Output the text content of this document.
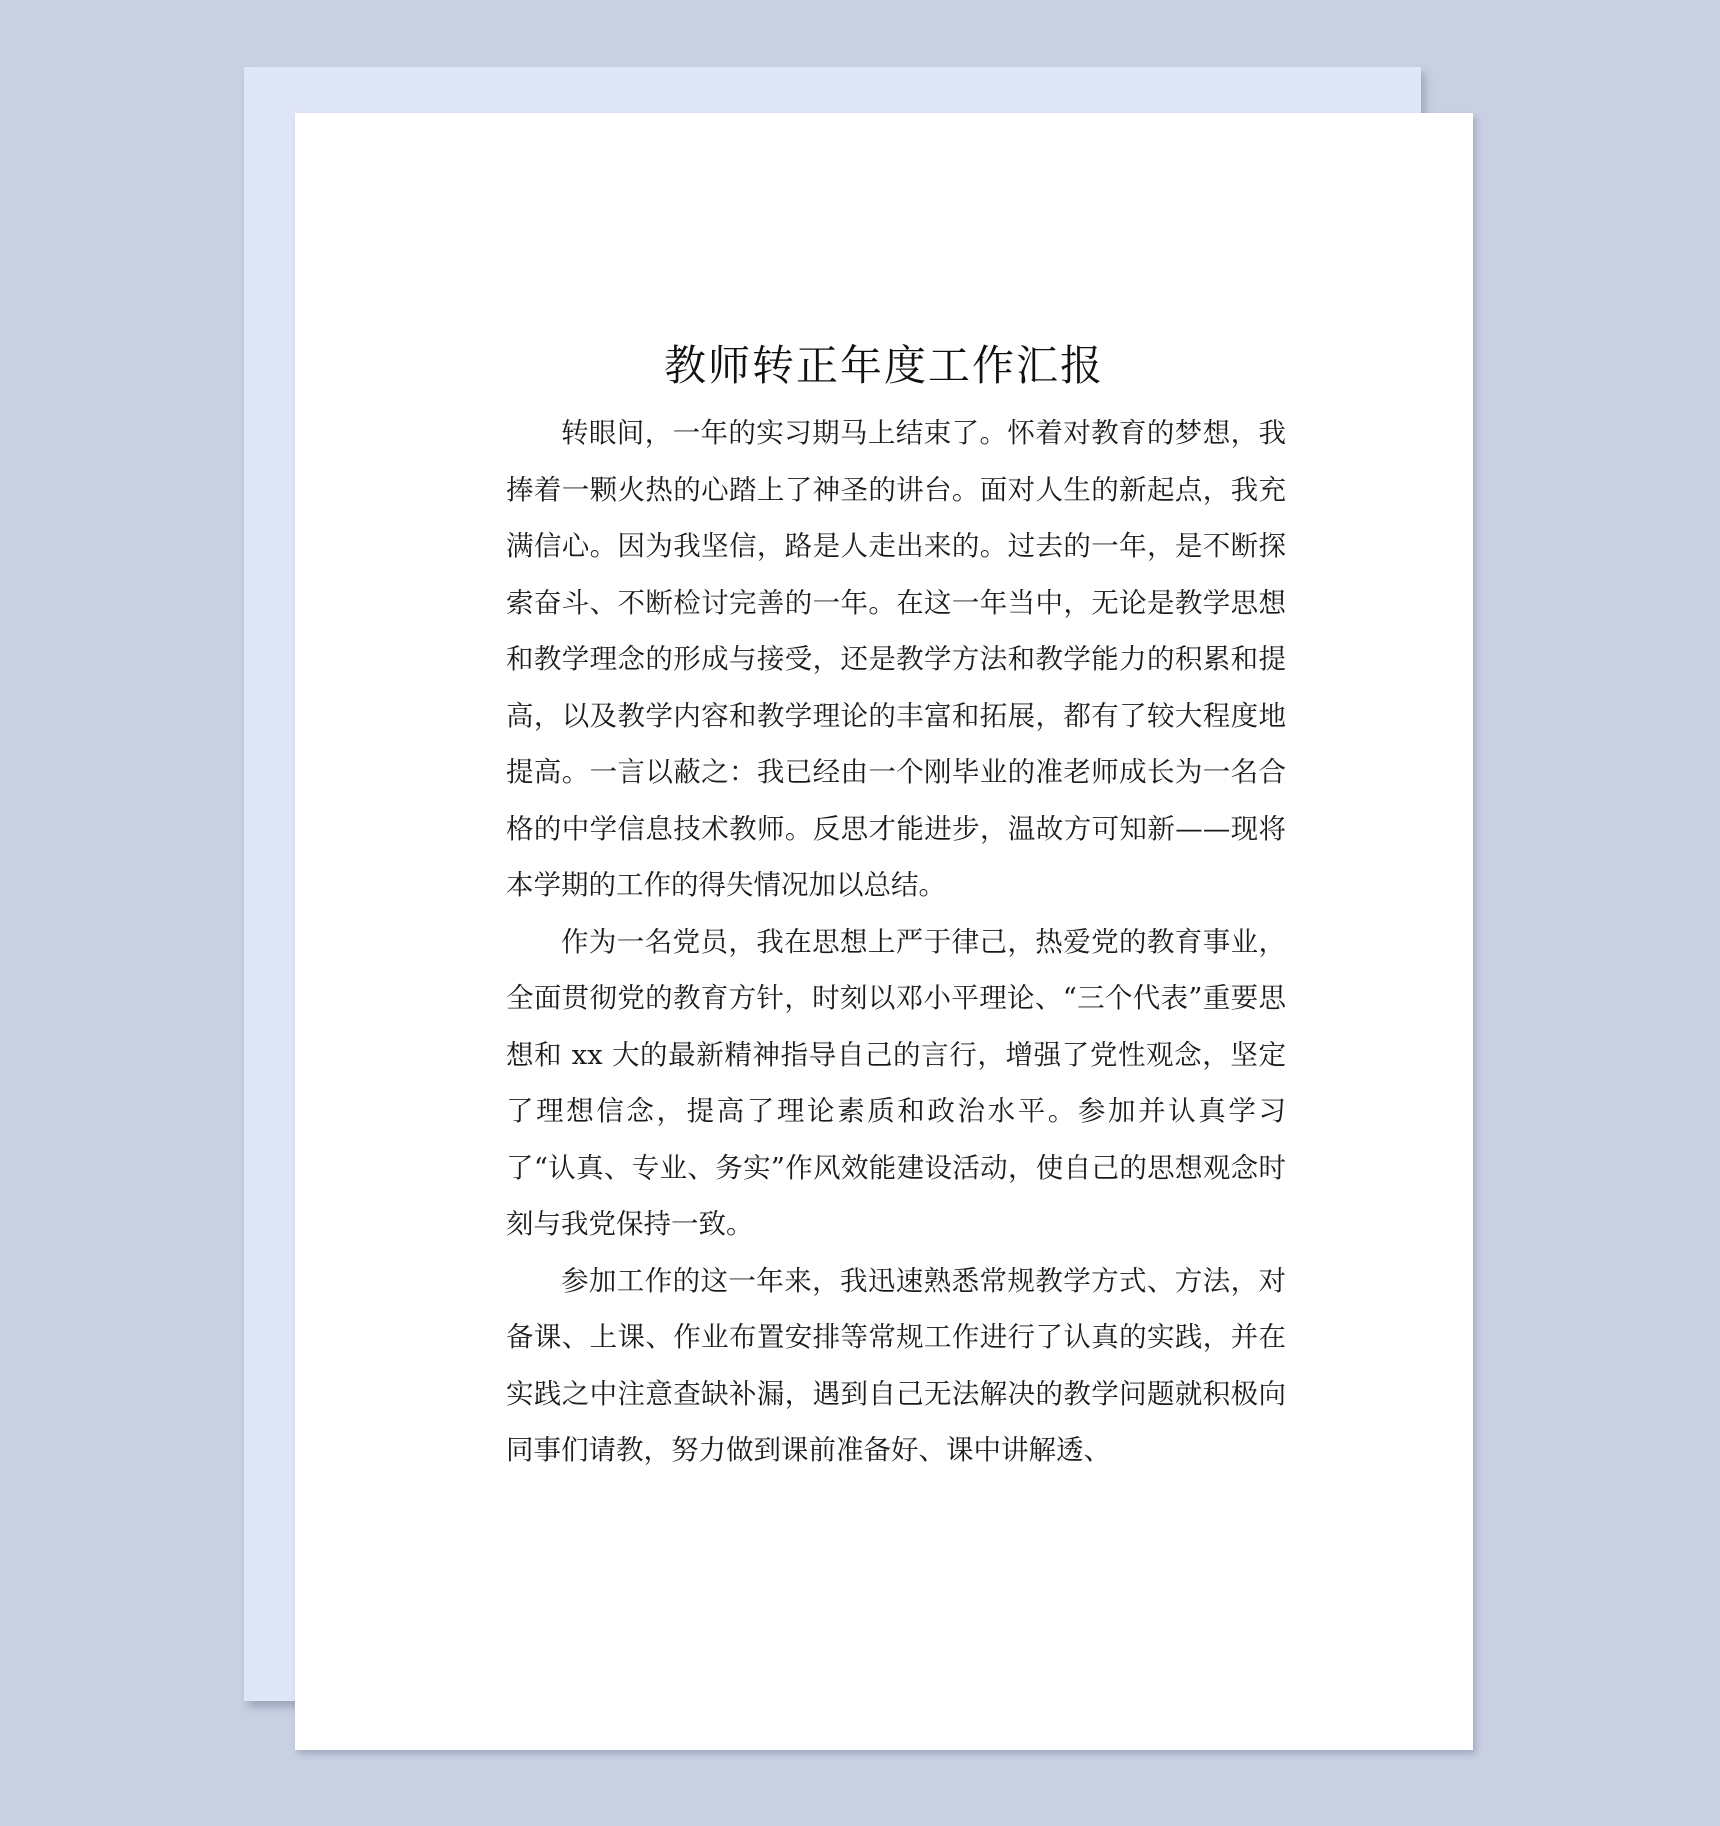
教师转正年度工作汇报

转眼间，一年的实习期马上结束了。怀着对教育的梦想，我捧着一颗火热的心踏上了神圣的讲台。面对人生的新起点，我充满信心。因为我坚信，路是人走出来的。过去的一年，是不断探索奋斗、不断检讨完善的一年。在这一年当中，无论是教学思想和教学理念的形成与接受，还是教学方法和教学能力的积累和提高，以及教学内容和教学理论的丰富和拓展，都有了较大程度地提高。一言以蔽之：我已经由一个刚毕业的准老师成长为一名合格的中学信息技术教师。反思才能进步，温故方可知新——现将本学期的工作的得失情况加以总结。

作为一名党员，我在思想上严于律己，热爱党的教育事业，全面贯彻党的教育方针，时刻以邓小平理论、“三个代表”重要思想和 xx 大的最新精神指导自己的言行，增强了党性观念，坚定了理想信念，提高了理论素质和政治水平。参加并认真学习了“认真、专业、务实”作风效能建设活动，使自己的思想观念时刻与我党保持一致。

参加工作的这一年来，我迅速熟悉常规教学方式、方法，对备课、上课、作业布置安排等常规工作进行了认真的实践，并在实践之中注意查缺补漏，遇到自己无法解决的教学问题就积极向同事们请教，努力做到课前准备好、课中讲解透、
